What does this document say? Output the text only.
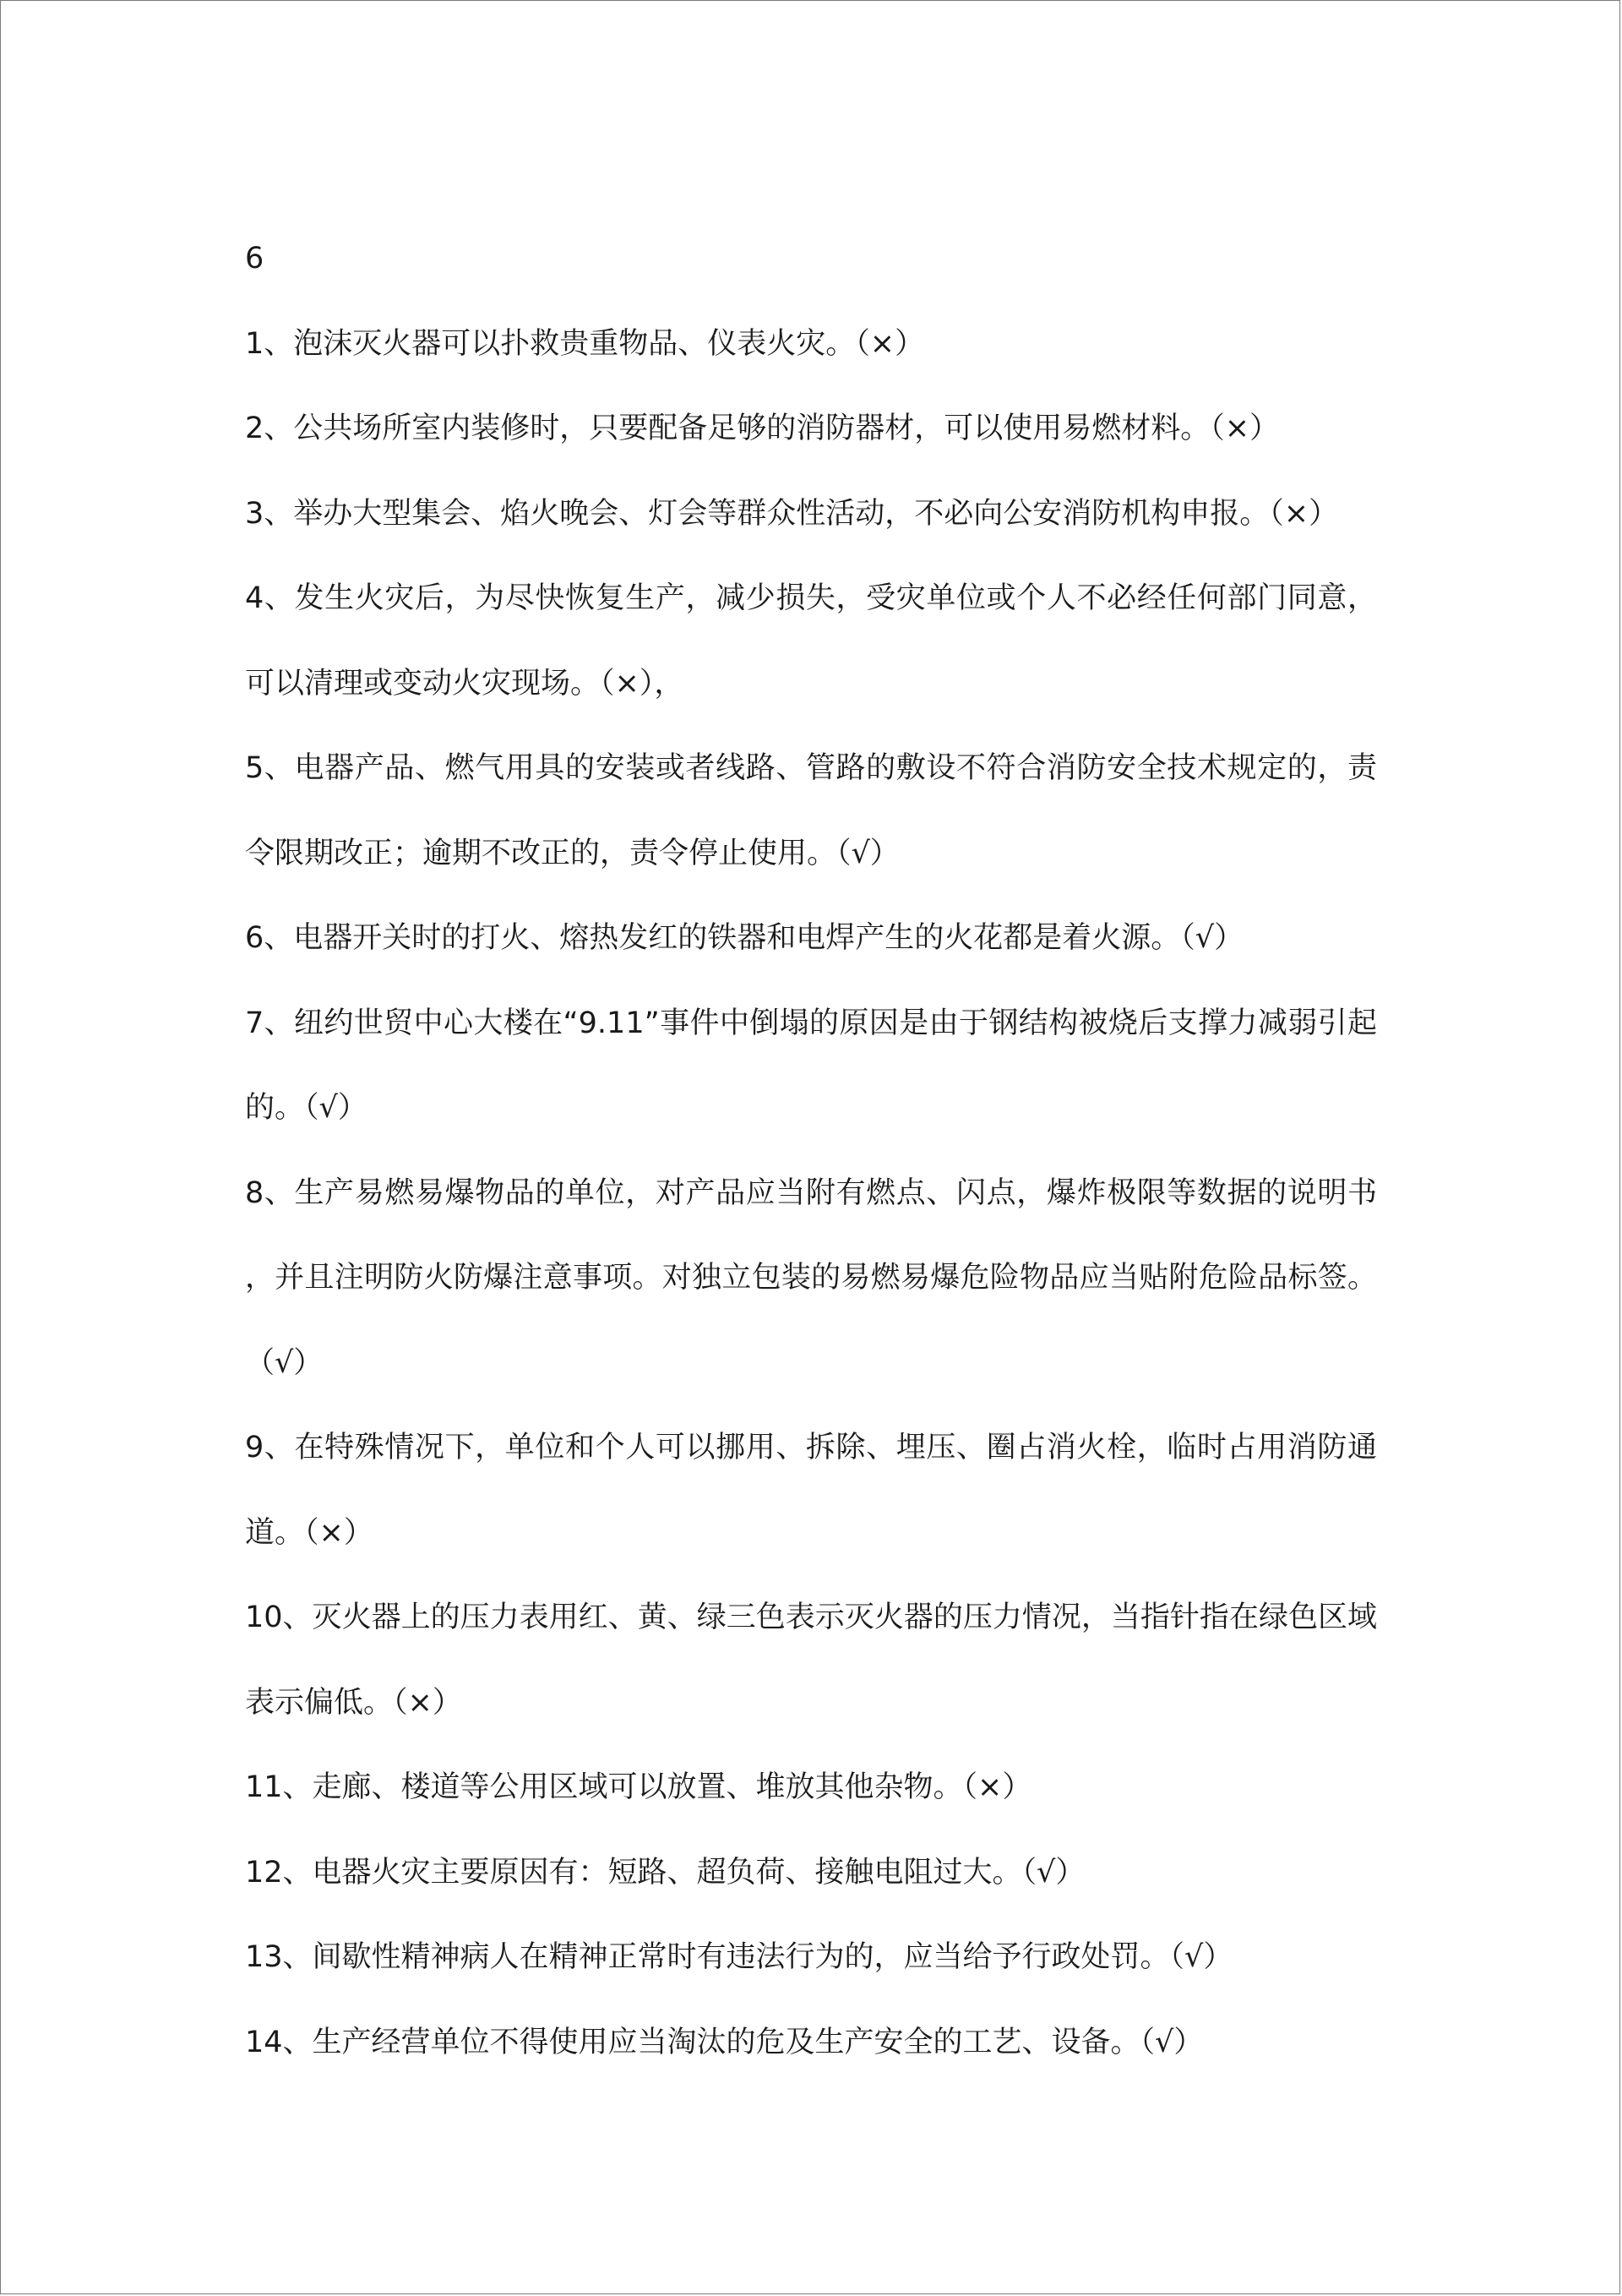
6

1、泡沫灭火器可以扑救贵重物品、仪表火灾。（×）

2、公共场所室内装修时，只要配备足够的消防器材，可以使用易燃材料。（×）

3、举办大型集会、焰火晚会、灯会等群众性活动，不必向公安消防机构申报。（×）

4、发生火灾后，为尽快恢复生产，减少损失，受灾单位或个人不必经任何部门同意，可以清理或变动火灾现场。（×），

5、电器产品、燃气用具的安装或者线路、管路的敷设不符合消防安全技术规定的，责令限期改正；逾期不改正的，责令停止使用。（√）

6、电器开关时的打火、熔热发红的铁器和电焊产生的火花都是着火源。（√）

7、纽约世贸中心大楼在“9.11”事件中倒塌的原因是由于钢结构被烧后支撑力减弱引起的。（√）

8、生产易燃易爆物品的单位，对产品应当附有燃点、闪点，爆炸极限等数据的说明书，并且注明防火防爆注意事项。对独立包装的易燃易爆危险物品应当贴附危险品标签。（√）

9、在特殊情况下，单位和个人可以挪用、拆除、埋压、圈占消火栓，临时占用消防通道。（×）

10、灭火器上的压力表用红、黄、绿三色表示灭火器的压力情况，当指针指在绿色区域表示偏低。（×）

11、走廊、楼道等公用区域可以放置、堆放其他杂物。（×）

12、电器火灾主要原因有：短路、超负荷、接触电阻过大。（√）

13、间歇性精神病人在精神正常时有违法行为的，应当给予行政处罚。（√）

14、生产经营单位不得使用应当淘汰的危及生产安全的工艺、设备。（√）
